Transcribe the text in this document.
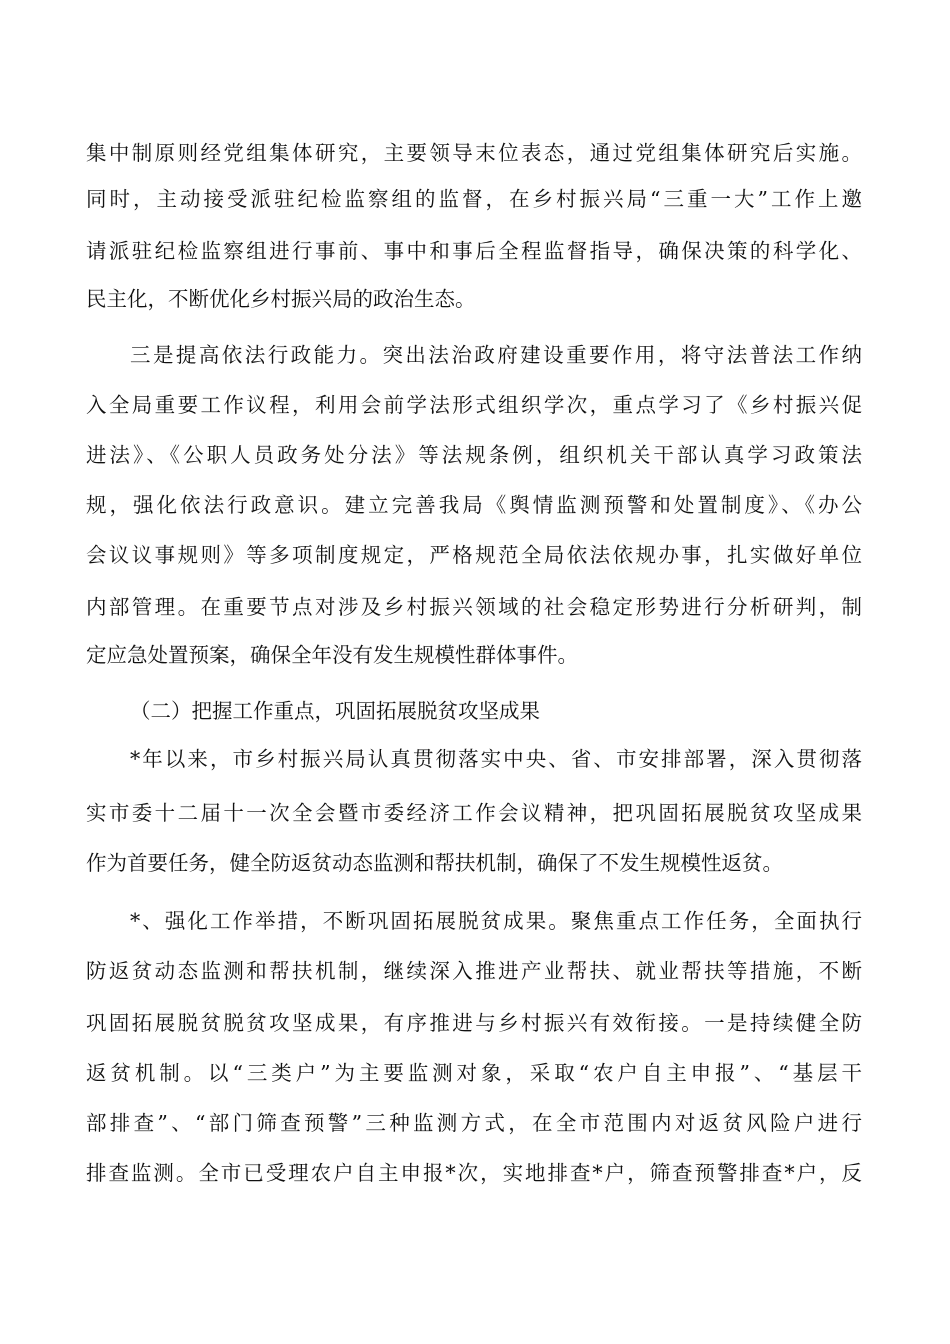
集中制原则经党组集体研究，主要领导末位表态，通过党组集体研究后实施。
同时，主动接受派驻纪检监察组的监督，在乡村振兴局“三重一大”工作上邀
请派驻纪检监察组进行事前、事中和事后全程监督指导，确保决策的科学化、
民主化，不断优化乡村振兴局的政治生态。
三是提高依法行政能力。突出法治政府建设重要作用，将守法普法工作纳
入全局重要工作议程，利用会前学法形式组织学次，重点学习了《乡村振兴促
进法》、《公职人员政务处分法》等法规条例，组织机关干部认真学习政策法
规，强化依法行政意识。建立完善我局《舆情监测预警和处置制度》、《办公
会议议事规则》等多项制度规定，严格规范全局依法依规办事，扎实做好单位
内部管理。在重要节点对涉及乡村振兴领域的社会稳定形势进行分析研判，制
定应急处置预案，确保全年没有发生规模性群体事件。
（二）把握工作重点，巩固拓展脱贫攻坚成果
*年以来，市乡村振兴局认真贯彻落实中央、省、市安排部署，深入贯彻落
实市委十二届十一次全会暨市委经济工作会议精神，把巩固拓展脱贫攻坚成果
作为首要任务，健全防返贫动态监测和帮扶机制，确保了不发生规模性返贫。
*、强化工作举措，不断巩固拓展脱贫成果。聚焦重点工作任务，全面执行
防返贫动态监测和帮扶机制，继续深入推进产业帮扶、就业帮扶等措施，不断
巩固拓展脱贫脱贫攻坚成果，有序推进与乡村振兴有效衔接。一是持续健全防
返贫机制。以“三类户”为主要监测对象，采取“农户自主申报”、“基层干
部排查”、“部门筛查预警”三种监测方式，在全市范围内对返贫风险户进行
排查监测。全市已受理农户自主申报*次，实地排查*户，筛查预警排查*户，反
